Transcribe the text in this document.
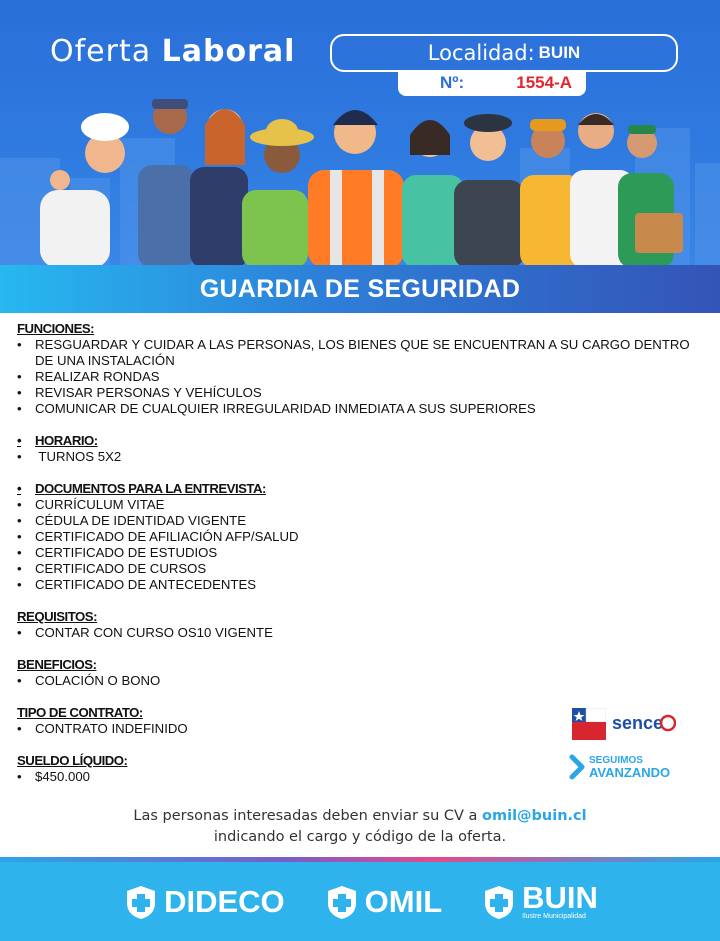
Oferta Laboral	Localidad: BUIN
Nº:	1554-A
GUARDIA DE SEGURIDAD
FUNCIONES:
•	RESGUARDAR Y CUIDAR A LAS PERSONAS, LOS BIENES QUE SE ENCUENTRAN A SU CARGO DENTRO DE UNA INSTALACIÓN
•	REALIZAR RONDAS
•	REVISAR PERSONAS Y VEHÍCULOS
•	COMUNICAR DE CUALQUIER IRREGULARIDAD INMEDIATA A SUS SUPERIORES
•	HORARIO:
•	TURNOS 5X2
•	DOCUMENTOS PARA LA ENTREVISTA:
•	CURRÍCULUM VITAE
•	CÉDULA DE IDENTIDAD VIGENTE
•	CERTIFICADO DE AFILIACIÓN AFP/SALUD
•	CERTIFICADO DE ESTUDIOS
•	CERTIFICADO DE CURSOS
•	CERTIFICADO DE ANTECEDENTES
REQUISITOS:
•	CONTAR CON CURSO OS10 VIGENTE
BENEFICIOS:
•	COLACIÓN O BONO
TIPO DE CONTRATO:
•	CONTRATO INDEFINIDO
SUELDO LÍQUIDO:
•	$450.000
sence
SEGUIMOS
AVANZANDO
Las personas interesadas deben enviar su CV a omil@buin.cl
indicando el cargo y código de la oferta.
DIDECO	OMIL	BUIN
Ilustre Municipalidad
